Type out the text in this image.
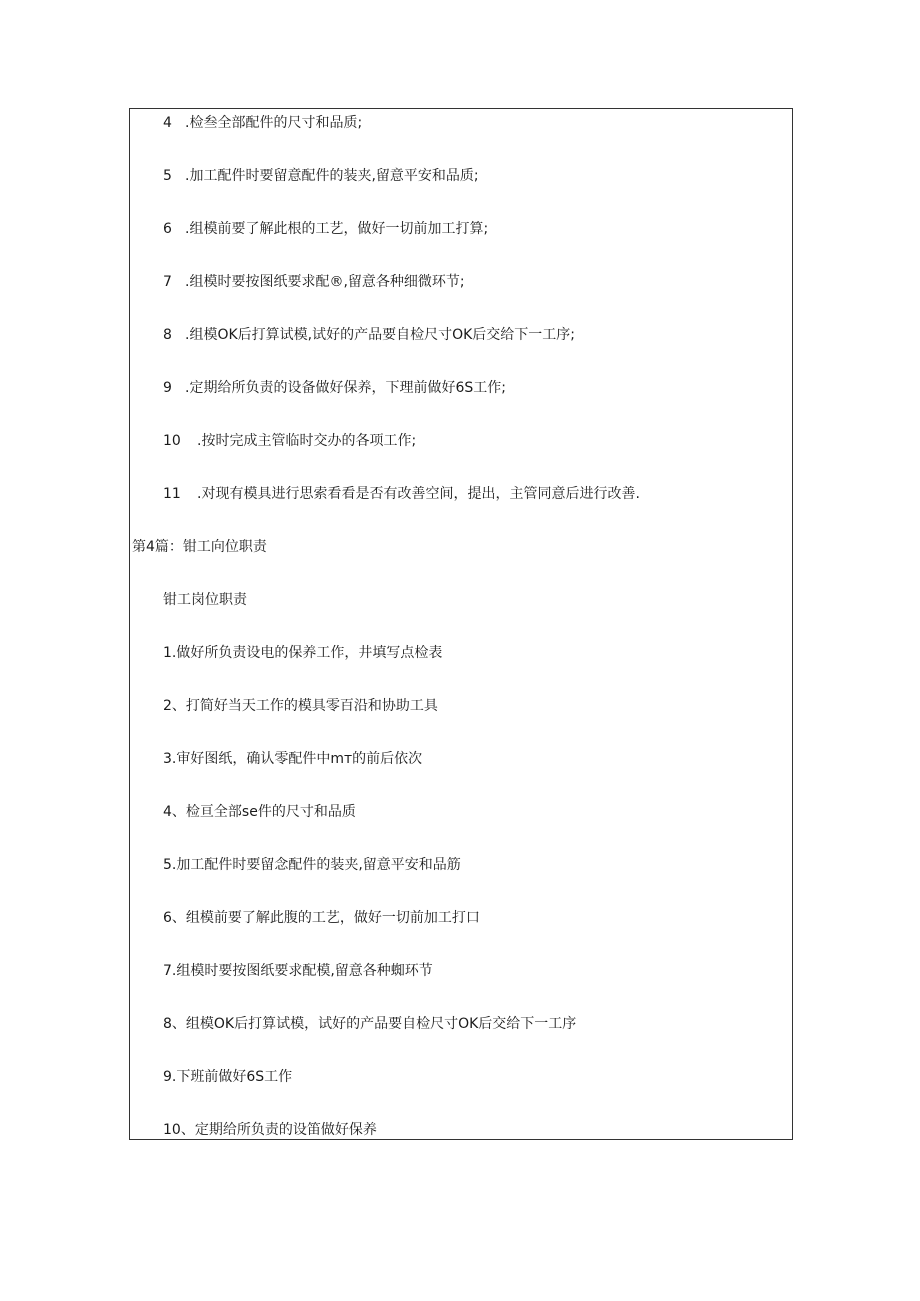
4 .检叁全部配件的尺寸和品质;
5 .加工配件时要留意配件的装夹,留意平安和品质;
6 .组模前要了解此根的工艺，做好一切前加工打算;
7 .组模时要按图纸要求配®,留意各种细微环节;
8 .组模OK后打算试模,试好的产品要自检尺寸OK后交给下一工序;
9 .定期给所负责的设备做好保养，下理前做好6S工作;
10 .按时完成主管临时交办的各项工作;
11 .对现有模具进行思索看看是否有改善空间，提出，主管同意后进行改善.
第4篇：钳工向位职责
钳工岗位职责
1.做好所负责设电的保养工作，井填写点检表
2、打简好当天工作的模具零百沿和协助工具
3.审好图纸，确认零配件中mт的前后依次
4、检亘全部se件的尺寸和品质
5.加工配件时要留念配件的装夹,留意平安和品筋
6、组模前要了解此腹的工艺，做好一切前加工打口
7.组模时要按图纸要求配模,留意各种蜘环节
8、组模OK后打算试模，试好的产品要自检尺寸OK后交给下一工序
9.下班前做好6S工作
10、定期给所负责的设笛做好保养
